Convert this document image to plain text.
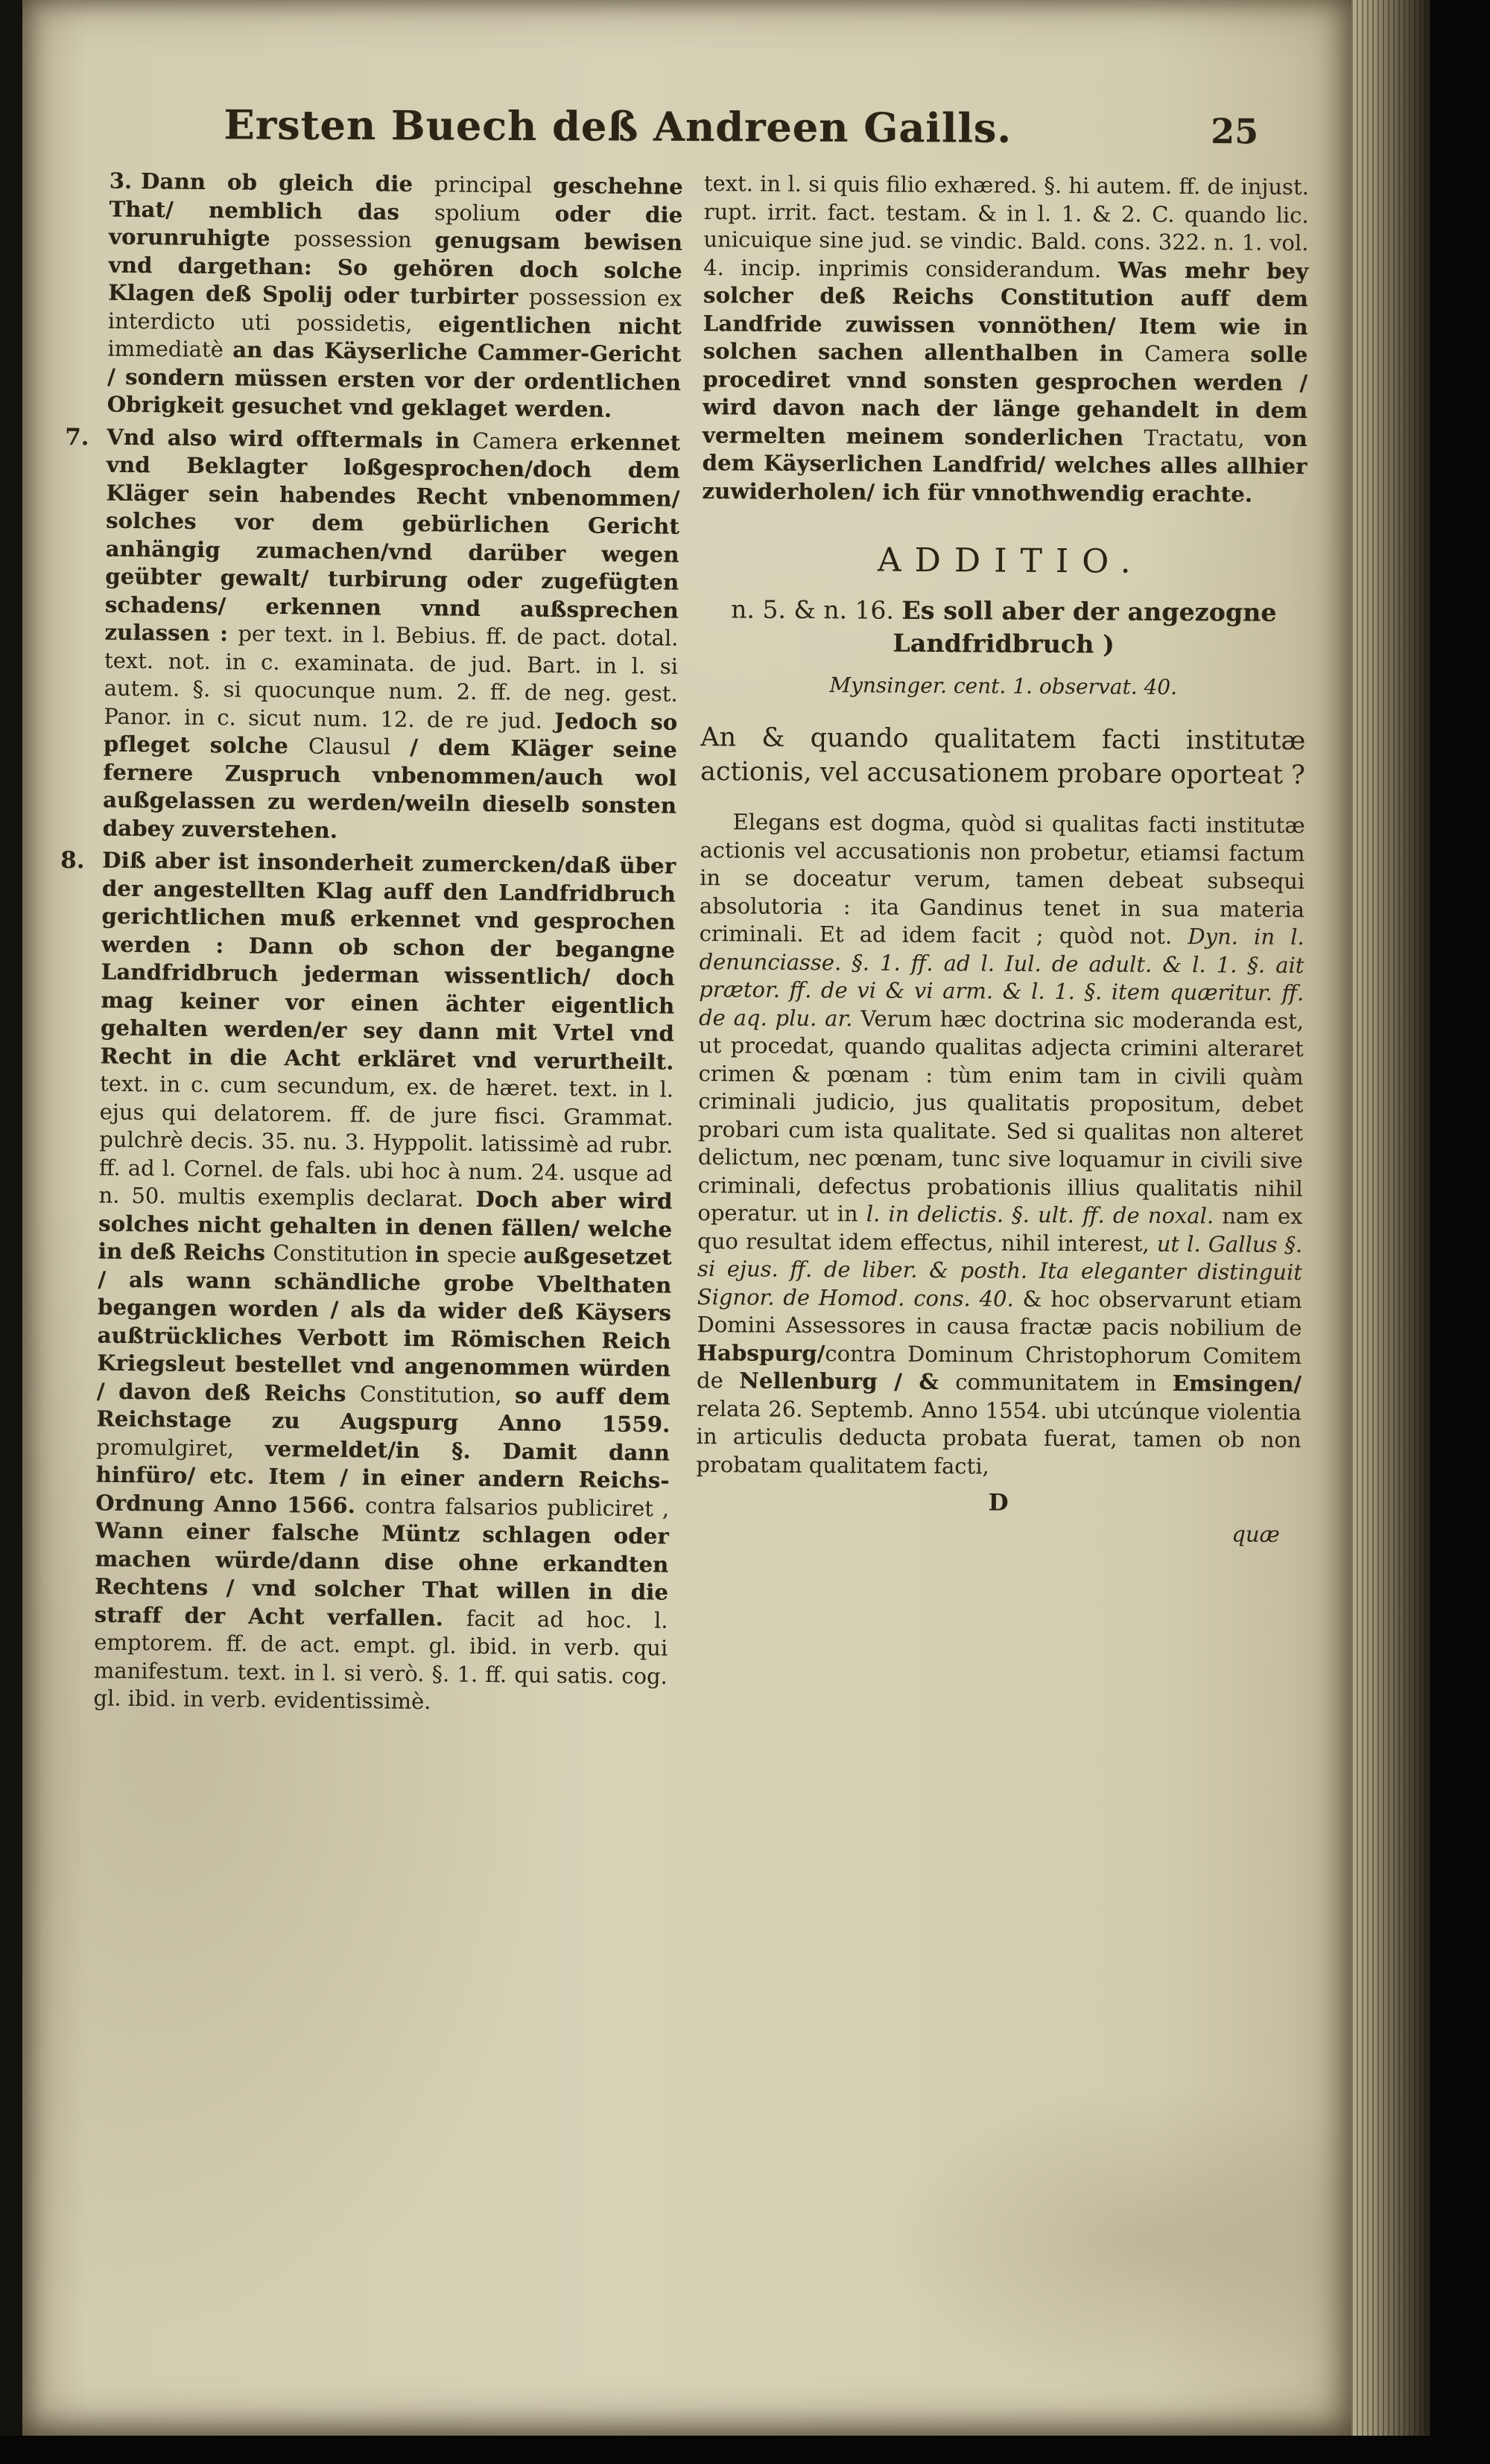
Ersten Buech deß Andreen Gaills.	25
3. Dann ob gleich die principal geschehne That/ nemblich das spolium oder die vorunruhigte possession genugsam bewisen vnd dargethan: So gehören doch solche Klagen deß Spolij oder turbirter possession ex interdicto uti possidetis, eigentlichen nicht immediatè an das Käyserliche Cammer-Gericht / sondern müssen ersten vor der ordentlichen Obrigkeit gesuchet vnd geklaget werden.
7. Vnd also wird offtermals in Camera erkennet vnd Beklagter loßgesprochen/doch dem Kläger sein habendes Recht vnbenommen/ solches vor dem gebürlichen Gericht anhängig zumachen/vnd darüber wegen geübter gewalt/ turbirung oder zugefügten schadens/ erkennen vnnd außsprechen zulassen : per text. in l. Bebius. ff. de pact. dotal. text. not. in c. examinata. de jud. Bart. in l. si autem. §. si quocunque num. 2. ff. de neg. gest. Panor. in c. sicut num. 12. de re jud. Jedoch so pfleget solche Clausul / dem Kläger seine fernere Zuspruch vnbenommen/auch wol außgelassen zu werden/weiln dieselb sonsten dabey zuverstehen.
8. Diß aber ist insonderheit zumercken/daß über der angestellten Klag auff den Landfridbruch gerichtlichen muß erkennet vnd gesprochen werden : Dann ob schon der begangne Landfridbruch jederman wissentlich/ doch mag keiner vor einen ächter eigentlich gehalten werden/er sey dann mit Vrtel vnd Recht in die Acht erkläret vnd verurtheilt. text. in c. cum secundum, ex. de hæret. text. in l. ejus qui delatorem. ff. de jure fisci. Grammat. pulchrè decis. 35. nu. 3. Hyppolit. latissimè ad rubr. ff. ad l. Cornel. de fals. ubi hoc à num. 24. usque ad n. 50. multis exemplis declarat. Doch aber wird solches nicht gehalten in denen fällen/ welche in deß Reichs Constitution in specie außgesetzet / als wann schändliche grobe Vbelthaten begangen worden / als da wider deß Käysers außtrückliches Verbott im Römischen Reich Kriegsleut bestellet vnd angenommen würden / davon deß Reichs Constitution, so auff dem Reichstage zu Augspurg Anno 1559. promulgiret, vermeldet/in §. Damit dann hinfüro/ etc. Item / in einer andern Reichs-Ordnung Anno 1566. contra falsarios publiciret , Wann einer falsche Müntz schlagen oder machen würde/dann dise ohne erkandten Rechtens / vnd solcher That willen in die straff der Acht verfallen. facit ad hoc. l. emptorem. ff. de act. empt. gl. ibid. in verb. qui manifestum. text. in l. si verò. §. 1. ff. qui satis. cog. gl. ibid. in verb. evidentissimè.
text. in l. si quis filio exhæred. §. hi autem. ff. de injust. rupt. irrit. fact. testam. & in l. 1. & 2. C. quando lic. unicuique sine jud. se vindic. Bald. cons. 322. n. 1. vol. 4. incip. inprimis considerandum. Was mehr bey solcher deß Reichs Constitution auff dem Landfride zuwissen vonnöthen/ Item wie in solchen sachen allenthalben in Camera solle procediret vnnd sonsten gesprochen werden / wird davon nach der länge gehandelt in dem vermelten meinem sonderlichen Tractatu, von dem Käyserlichen Landfrid/ welches alles allhier zuwiderholen/ ich für vnnothwendig erachte.
ADDITIO.
n. 5. & n. 16. Es soll aber der angezogne Landfridbruch )
Mynsinger. cent. 1. observat. 40.
An & quando qualitatem facti institutæ actionis, vel accusationem probare oporteat ?
Elegans est dogma, quòd si qualitas facti institutæ actionis vel accusationis non probetur, etiamsi factum in se doceatur verum, tamen debeat subsequi absolutoria : ita Gandinus tenet in sua materia criminali. Et ad idem facit ; quòd not. Dyn. in l. denunciasse. §. 1. ff. ad l. Iul. de adult. & l. 1. §. ait prætor. ff. de vi & vi arm. & l. 1. §. item quæritur. ff. de aq. plu. ar. Verum hæc doctrina sic moderanda est, ut procedat, quando qualitas adjecta crimini alteraret crimen & pœnam : tùm enim tam in civili quàm criminali judicio, jus qualitatis propositum, debet probari cum ista qualitate. Sed si qualitas non alteret delictum, nec pœnam, tunc sive loquamur in civili sive criminali, defectus probationis illius qualitatis nihil operatur. ut in l. in delictis. §. ult. ff. de noxal. nam ex quo resultat idem effectus, nihil interest, ut l. Gallus §. si ejus. ff. de liber. & posth. Ita eleganter distinguit Signor. de Homod. cons. 40. & hoc observarunt etiam Domini Assessores in causa fractæ pacis nobilium de Habspurg/contra Dominum Christophorum Comitem de Nellenburg / & communitatem in Emsingen/ relata 26. Septemb. Anno 1554. ubi utcúnque violentia in articulis deducta probata fuerat, tamen ob non probatam qualitatem facti,
D
quæ
